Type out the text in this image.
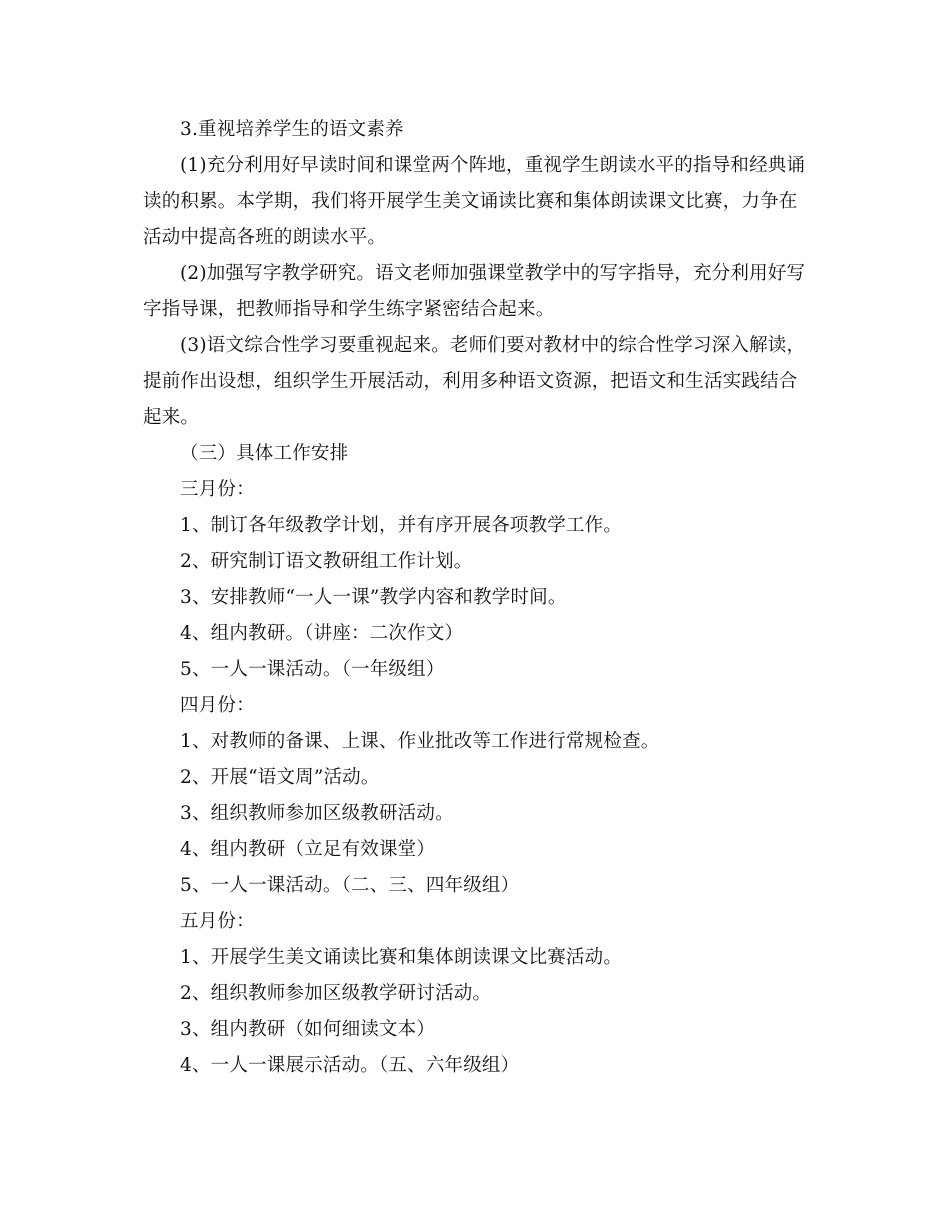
3.重视培养学生的语文素养

(1)充分利用好早读时间和课堂两个阵地，重视学生朗读水平的指导和经典诵读的积累。本学期，我们将开展学生美文诵读比赛和集体朗读课文比赛，力争在活动中提高各班的朗读水平。

(2)加强写字教学研究。语文老师加强课堂教学中的写字指导，充分利用好写字指导课，把教师指导和学生练字紧密结合起来。

(3)语文综合性学习要重视起来。老师们要对教材中的综合性学习深入解读，提前作出设想，组织学生开展活动，利用多种语文资源，把语文和生活实践结合起来。

（三）具体工作安排

三月份：

1、制订各年级教学计划，并有序开展各项教学工作。

2、研究制订语文教研组工作计划。

3、安排教师“一人一课”教学内容和教学时间。

4、组内教研。（讲座：二次作文）

5、一人一课活动。（一年级组）

四月份：

1、对教师的备课、上课、作业批改等工作进行常规检查。

2、开展“语文周”活动。

3、组织教师参加区级教研活动。

4、组内教研（立足有效课堂）

5、一人一课活动。（二、三、四年级组）

五月份：

1、开展学生美文诵读比赛和集体朗读课文比赛活动。

2、组织教师参加区级教学研讨活动。

3、组内教研（如何细读文本）

4、一人一课展示活动。（五、六年级组）
